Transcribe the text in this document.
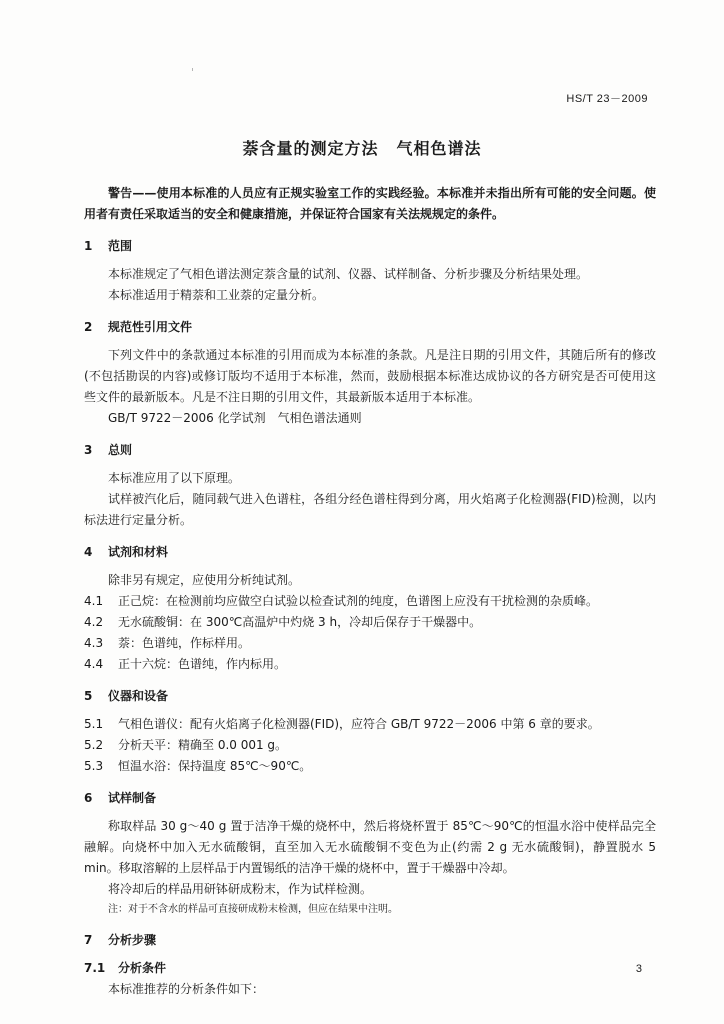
HS/T 23－2009
萘含量的测定方法 气相色谱法

警告——使用本标准的人员应有正规实验室工作的实践经验。本标准并未指出所有可能的安全问题。使用者有责任采取适当的安全和健康措施，并保证符合国家有关法规规定的条件。

1 范围

本标准规定了气相色谱法测定萘含量的试剂、仪器、试样制备、分析步骤及分析结果处理。

本标准适用于精萘和工业萘的定量分析。

2 规范性引用文件

下列文件中的条款通过本标准的引用而成为本标准的条款。凡是注日期的引用文件，其随后所有的修改(不包括勘误的内容)或修订版均不适用于本标准，然而，鼓励根据本标准达成协议的各方研究是否可使用这些文件的最新版本。凡是不注日期的引用文件，其最新版本适用于本标准。

GB/T 9722－2006 化学试剂　气相色谱法通则

3 总则

本标准应用了以下原理。

试样被汽化后，随同载气进入色谱柱，各组分经色谱柱得到分离，用火焰离子化检测器(FID)检测，以内标法进行定量分析。

4 试剂和材料

除非另有规定，应使用分析纯试剂。

4.1 正己烷：在检测前均应做空白试验以检查试剂的纯度，色谱图上应没有干扰检测的杂质峰。

4.2 无水硫酸铜：在 300℃高温炉中灼烧 3 h，冷却后保存于干燥器中。

4.3 萘：色谱纯，作标样用。

4.4 正十六烷：色谱纯，作内标用。

5 仪器和设备

5.1 气相色谱仪：配有火焰离子化检测器(FID)，应符合 GB/T 9722－2006 中第 6 章的要求。

5.2 分析天平：精确至 0.0 001 g。

5.3 恒温水浴：保持温度 85℃～90℃。

6 试样制备

称取样品 30 g～40 g 置于洁净干燥的烧杯中，然后将烧杯置于 85℃～90℃的恒温水浴中使样品完全融解。向烧杯中加入无水硫酸铜，直至加入无水硫酸铜不变色为止(约需 2 g 无水硫酸铜)，静置脱水 5 min。移取溶解的上层样品于内置锡纸的洁净干燥的烧杯中，置于干燥器中冷却。

将冷却后的样品用研钵研成粉末，作为试样检测。

注：对于不含水的样品可直接研成粉末检测，但应在结果中注明。

7 分析步骤

7.1 分析条件

本标准推荐的分析条件如下：

3
